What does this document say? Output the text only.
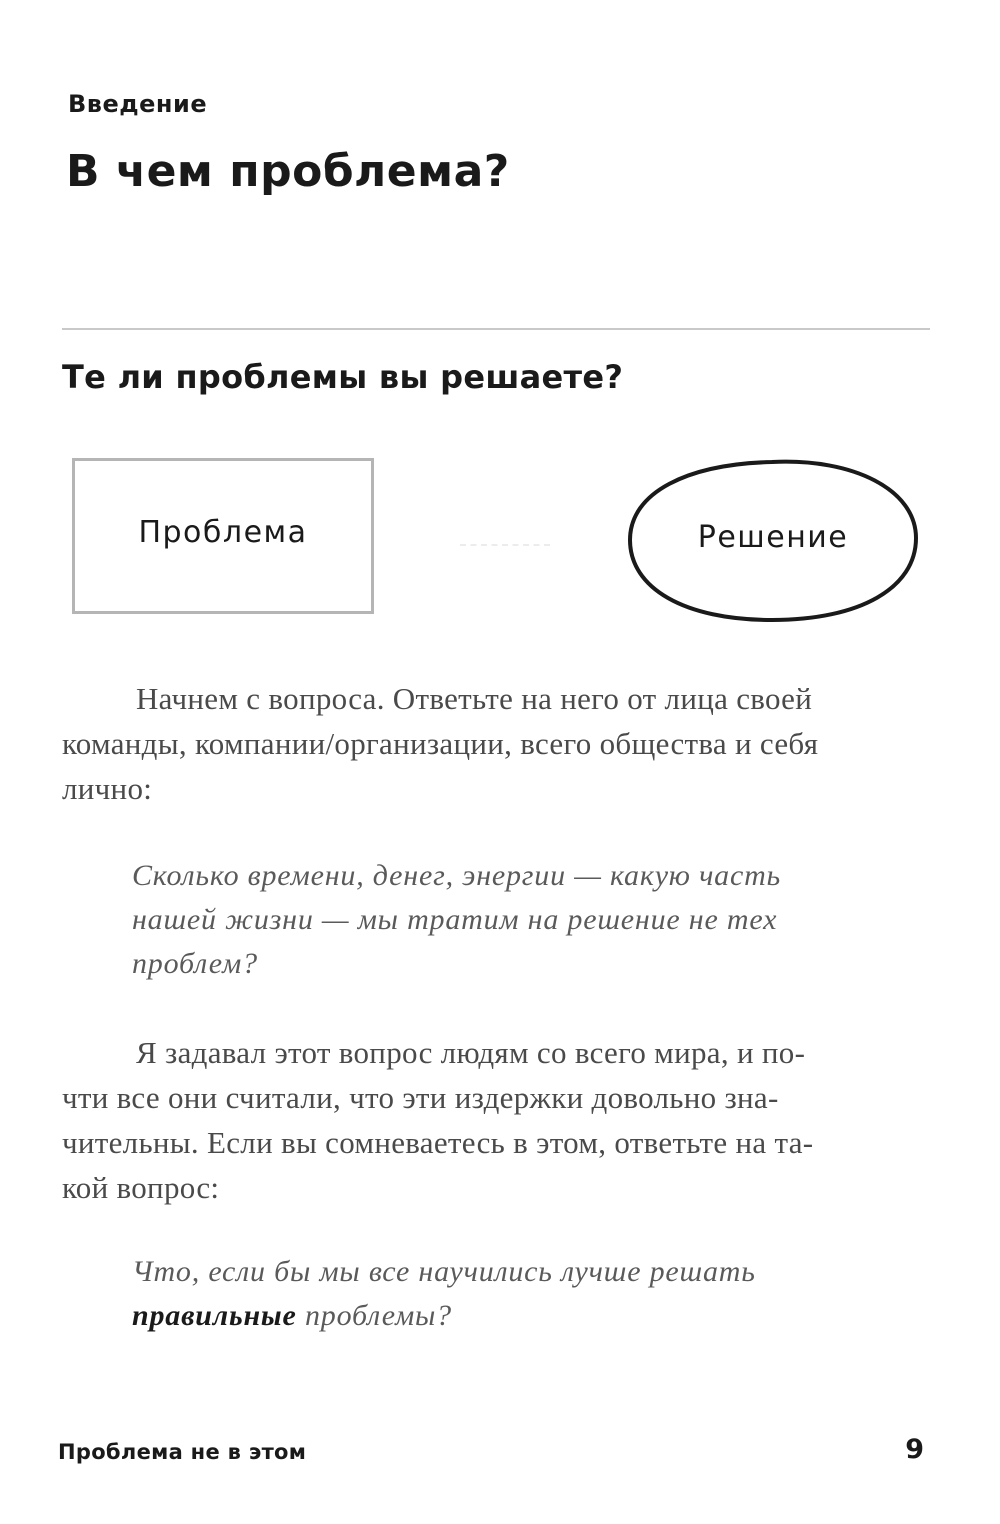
Введение
В чем проблема?
Те ли проблемы вы решаете?
Проблема	Решение
Начнем с вопроса. Ответьте на него от лица своей
команды, компании/организации, всего общества и себя
лично:
Сколько времени, денег, энергии — какую часть
нашей жизни — мы тратим на решение не тех
проблем?
Я задавал этот вопрос людям со всего мира, и по-
чти все они считали, что эти издержки довольно зна-
чительны. Если вы сомневаетесь в этом, ответьте на та-
кой вопрос:
Что, если бы мы все научились лучше решать
правильные проблемы?
Проблема не в этом	9
